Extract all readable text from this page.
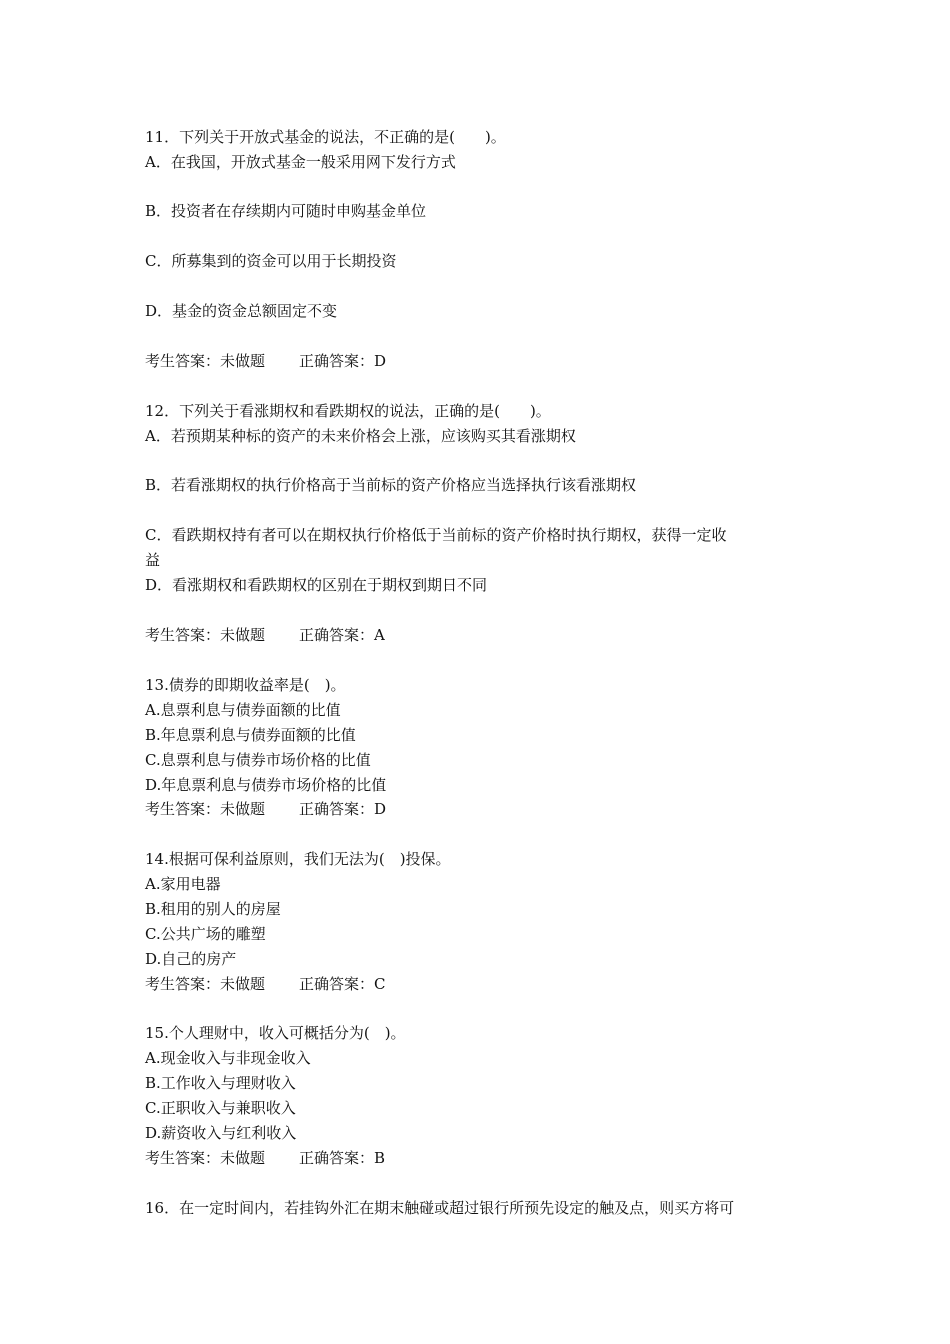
11．下列关于开放式基金的说法，不正确的是(　　)。
A．在我国，开放式基金一般采用网下发行方式
B．投资者在存续期内可随时申购基金单位
C．所募集到的资金可以用于长期投资
D．基金的资金总额固定不变
考生答案：未做题 正确答案：D
12．下列关于看涨期权和看跌期权的说法，正确的是(　　)。
A．若预期某种标的资产的未来价格会上涨，应该购买其看涨期权
B．若看涨期权的执行价格高于当前标的资产价格应当选择执行该看涨期权
C．看跌期权持有者可以在期权执行价格低于当前标的资产价格时执行期权，获得一定收
益
D．看涨期权和看跌期权的区别在于期权到期日不同
考生答案：未做题 正确答案：A
13.债券的即期收益率是(　)。
A.息票利息与债券面额的比值
B.年息票利息与债券面额的比值
C.息票利息与债券市场价格的比值
D.年息票利息与债券市场价格的比值
考生答案：未做题 正确答案：D
14.根据可保利益原则，我们无法为(　)投保。
A.家用电器
B.租用的别人的房屋
C.公共广场的雕塑
D.自己的房产
考生答案：未做题 正确答案：C
15.个人理财中，收入可概括分为(　)。
A.现金收入与非现金收入
B.工作收入与理财收入
C.正职收入与兼职收入
D.薪资收入与红利收入
考生答案：未做题 正确答案：B
16．在一定时间内，若挂钩外汇在期末触碰或超过银行所预先设定的触及点，则买方将可
